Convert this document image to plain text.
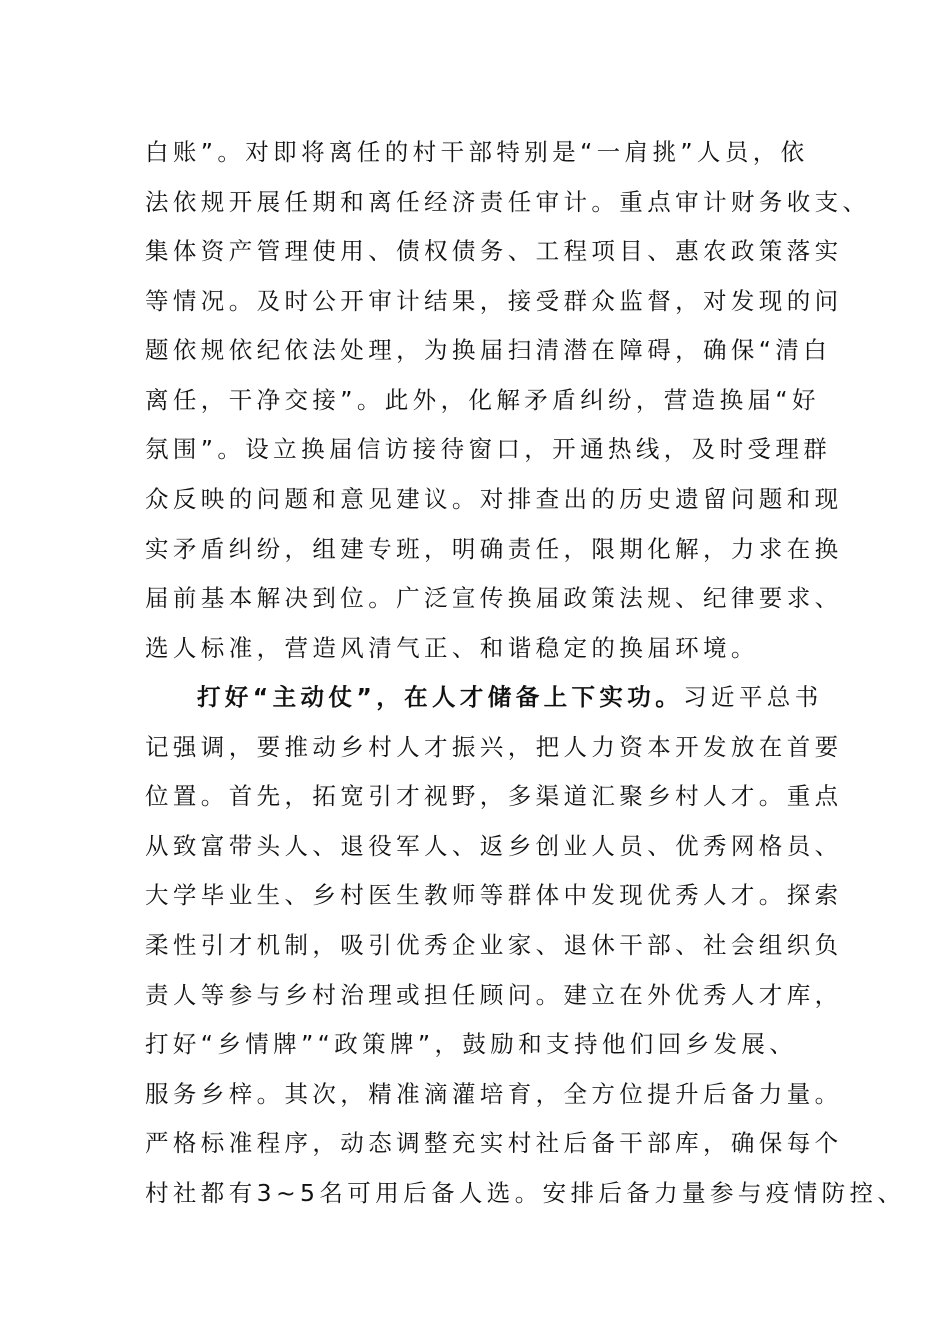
白账”。对即将离任的村干部特别是“一肩挑”人员，依
法依规开展任期和离任经济责任审计。重点审计财务收支、
集体资产管理使用、债权债务、工程项目、惠农政策落实
等情况。及时公开审计结果，接受群众监督，对发现的问
题依规依纪依法处理，为换届扫清潜在障碍，确保“清白
离任，干净交接”。此外，化解矛盾纠纷，营造换届“好
氛围”。设立换届信访接待窗口，开通热线，及时受理群
众反映的问题和意见建议。对排查出的历史遗留问题和现
实矛盾纠纷，组建专班，明确责任，限期化解，力求在换
届前基本解决到位。广泛宣传换届政策法规、纪律要求、
选人标准，营造风清气正、和谐稳定的换届环境。
打好“主动仗”，在人才储备上下实功。习近平总书
记强调，要推动乡村人才振兴，把人力资本开发放在首要
位置。首先，拓宽引才视野，多渠道汇聚乡村人才。重点
从致富带头人、退役军人、返乡创业人员、优秀网格员、
大学毕业生、乡村医生教师等群体中发现优秀人才。探索
柔性引才机制，吸引优秀企业家、退休干部、社会组织负
责人等参与乡村治理或担任顾问。建立在外优秀人才库，
打好“乡情牌”“政策牌”，鼓励和支持他们回乡发展、
服务乡梓。其次，精准滴灌培育，全方位提升后备力量。
严格标准程序，动态调整充实村社后备干部库，确保每个
村社都有3~5名可用后备人选。安排后备力量参与疫情防控、
